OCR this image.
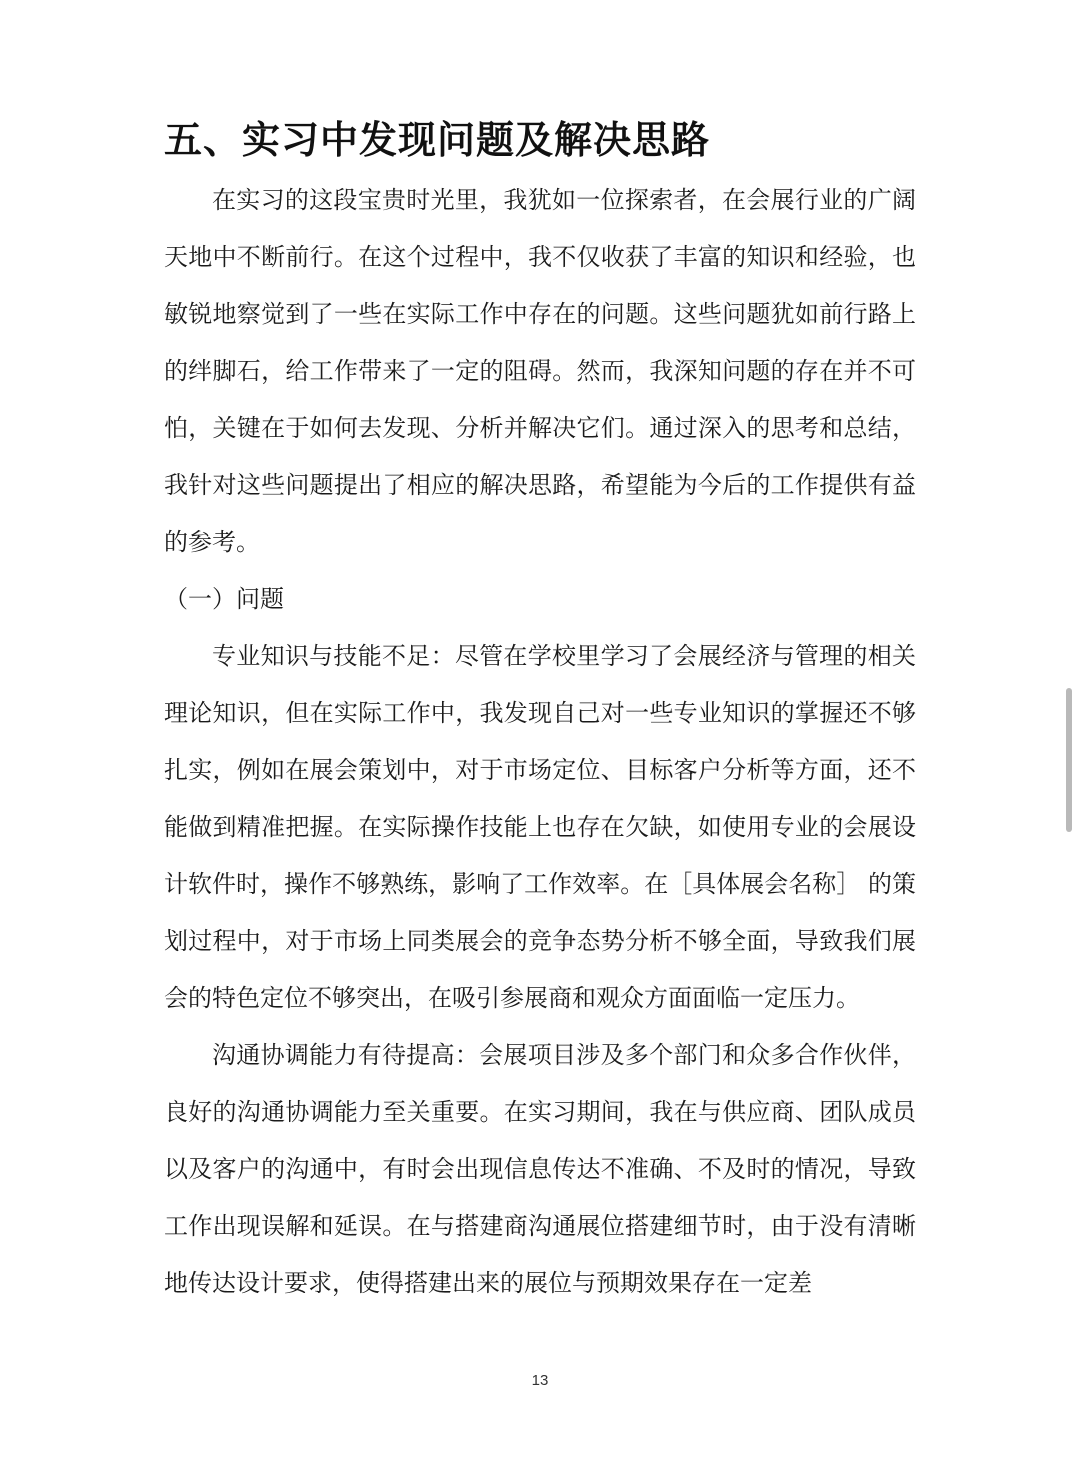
五、实习中发现问题及解决思路

在实习的这段宝贵时光里，我犹如一位探索者，在会展行业的广阔天地中不断前行。在这个过程中，我不仅收获了丰富的知识和经验，也敏锐地察觉到了一些在实际工作中存在的问题。这些问题犹如前行路上的绊脚石，给工作带来了一定的阻碍。然而，我深知问题的存在并不可怕，关键在于如何去发现、分析并解决它们。通过深入的思考和总结，我针对这些问题提出了相应的解决思路，希望能为今后的工作提供有益的参考。

（一）问题

专业知识与技能不足：尽管在学校里学习了会展经济与管理的相关理论知识，但在实际工作中，我发现自己对一些专业知识的掌握还不够扎实，例如在展会策划中，对于市场定位、目标客户分析等方面，还不能做到精准把握。在实际操作技能上也存在欠缺，如使用专业的会展设计软件时，操作不够熟练，影响了工作效率。在［具体展会名称］ 的策划过程中，对于市场上同类展会的竞争态势分析不够全面，导致我们展会的特色定位不够突出，在吸引参展商和观众方面面临一定压力。

沟通协调能力有待提高：会展项目涉及多个部门和众多合作伙伴，良好的沟通协调能力至关重要。在实习期间，我在与供应商、团队成员以及客户的沟通中，有时会出现信息传达不准确、不及时的情况，导致工作出现误解和延误。在与搭建商沟通展位搭建细节时，由于没有清晰地传达设计要求，使得搭建出来的展位与预期效果存在一定差

13
